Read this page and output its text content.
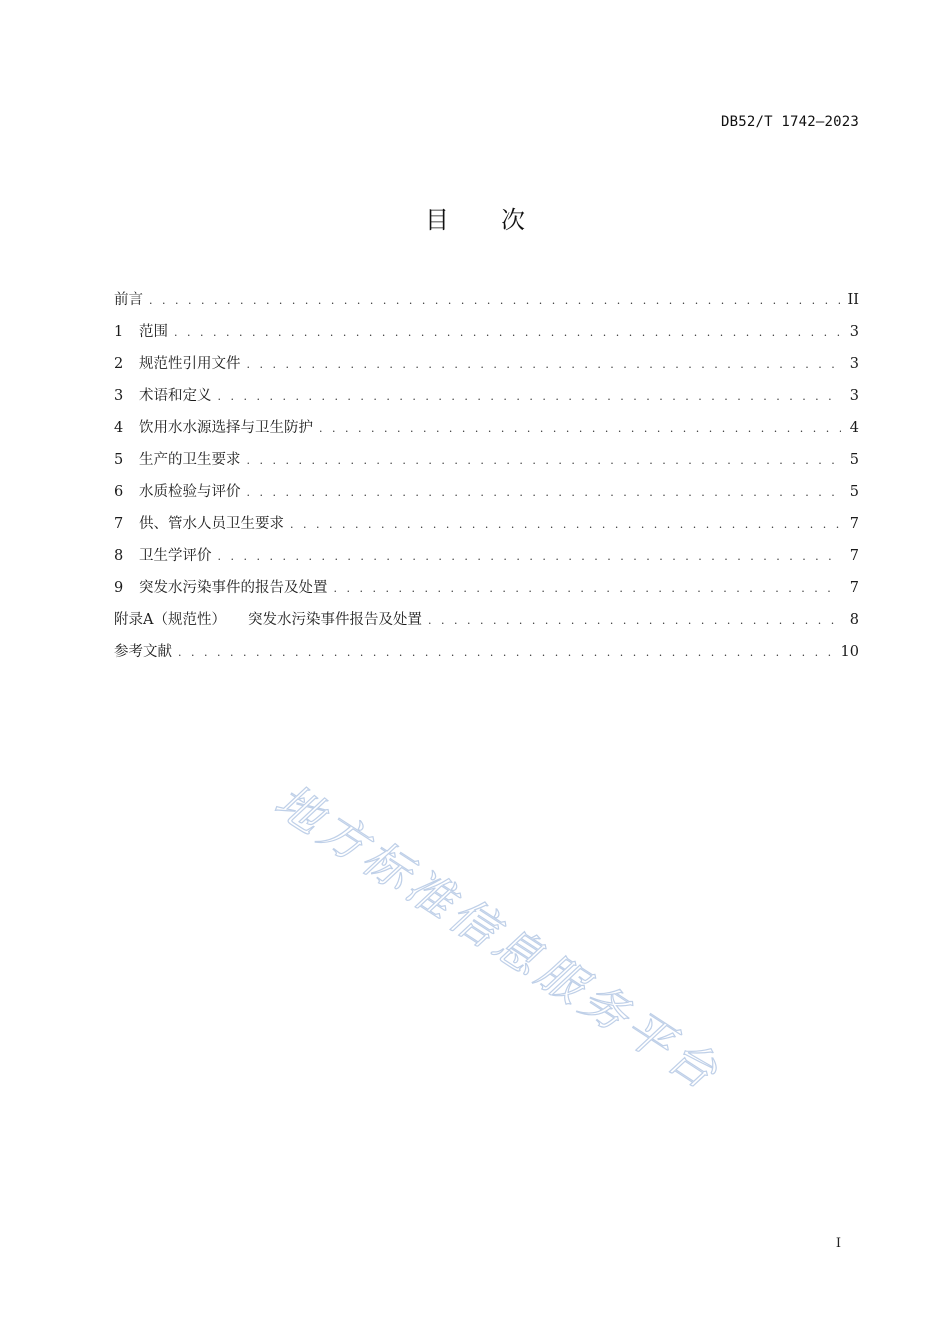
DB52/T 1742—2023
目 次
前言 . . .	II
1	范围 . . .	3
2	规范性引用文件 . . .	3
3	术语和定义 . . .	3
4	饮用水水源选择与卫生防护 . . .	4
5	生产的卫生要求 . . .	5
6	水质检验与评价 . . .	5
7	供、管水人员卫生要求 . . .	7
8	卫生学评价 . . .	7
9	突发水污染事件的报告及处置 . . .	7
附录A（规范性） 突发水污染事件报告及处置 . . .	8
参考文献 . . .	10
地方标准信息服务平台
I
